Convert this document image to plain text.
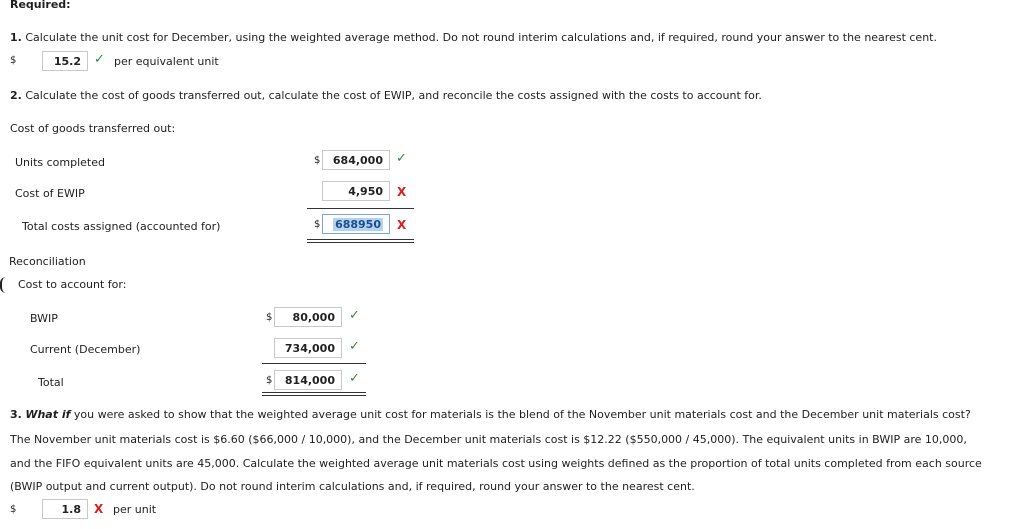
Required:
1. Calculate the unit cost for December, using the weighted average method. Do not round interim calculations and, if required, round your answer to the nearest cent.
$	15.2 ✓ per equivalent unit
2. Calculate the cost of goods transferred out, calculate the cost of EWIP, and reconcile the costs assigned with the costs to account for.
Cost of goods transferred out:
Units completed	$ 684,000 ✓
Cost of EWIP	4,950 X
Total costs assigned (accounted for)	$ 688950 X
Reconciliation
Cost to account for:
BWIP	$ 80,000 ✓
Current (December)	734,000 ✓
Total	$ 814,000 ✓
3. What if you were asked to show that the weighted average unit cost for materials is the blend of the November unit materials cost and the December unit materials cost?
The November unit materials cost is $6.60 ($66,000 / 10,000), and the December unit materials cost is $12.22 ($550,000 / 45,000). The equivalent units in BWIP are 10,000,
and the FIFO equivalent units are 45,000. Calculate the weighted average unit materials cost using weights defined as the proportion of total units completed from each source
(BWIP output and current output). Do not round interim calculations and, if required, round your answer to the nearest cent.
$	1.8 X per unit
